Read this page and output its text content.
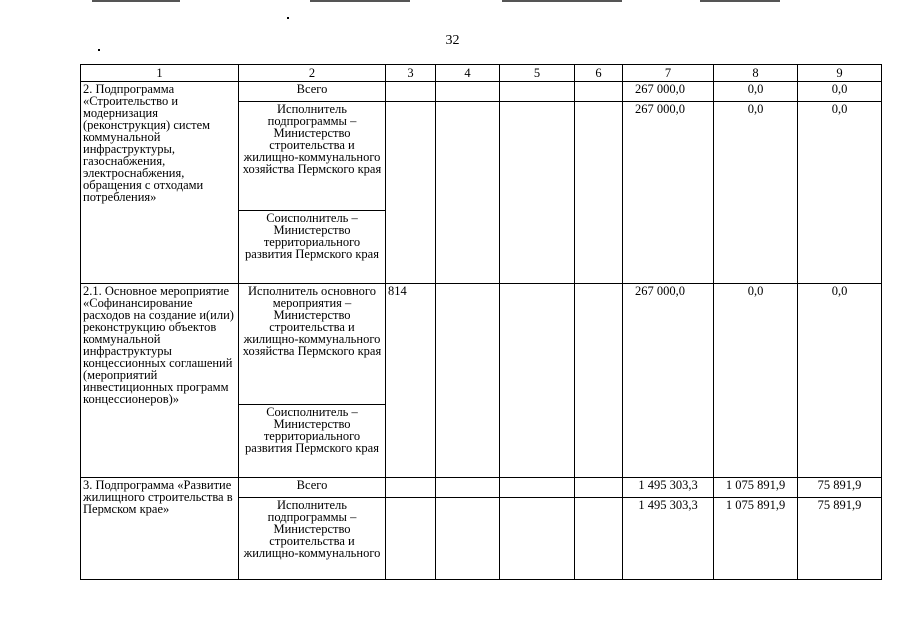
32
1	2	3	4	5	6	7	8	9
2. Подпрограмма «Строительство и модернизация (реконструкция) систем коммунальной инфраструктуры, газоснабжения, электроснабжения, обращения с отходами потребления»	Всего					267 000,0	0,0	0,0
	Исполнитель подпрограммы – Министерство строительства и жилищно-коммунального хозяйства Пермского края					267 000,0	0,0	0,0
	Соисполнитель – Министерство территориального развития Пермского края							
2.1. Основное мероприятие «Софинансирование расходов на создание и(или) реконструкцию объектов коммунальной инфраструктуры концессионных соглашений (мероприятий инвестиционных программ концессионеров)»	Исполнитель основного мероприятия – Министерство строительства и жилищно-коммунального хозяйства Пермского края	814				267 000,0	0,0	0,0
	Соисполнитель – Министерство территориального развития Пермского края							
3. Подпрограмма «Развитие жилищного строительства в Пермском крае»	Всего					1 495 303,3	1 075 891,9	75 891,9
	Исполнитель подпрограммы – Министерство строительства и жилищно-коммунального					1 495 303,3	1 075 891,9	75 891,9
